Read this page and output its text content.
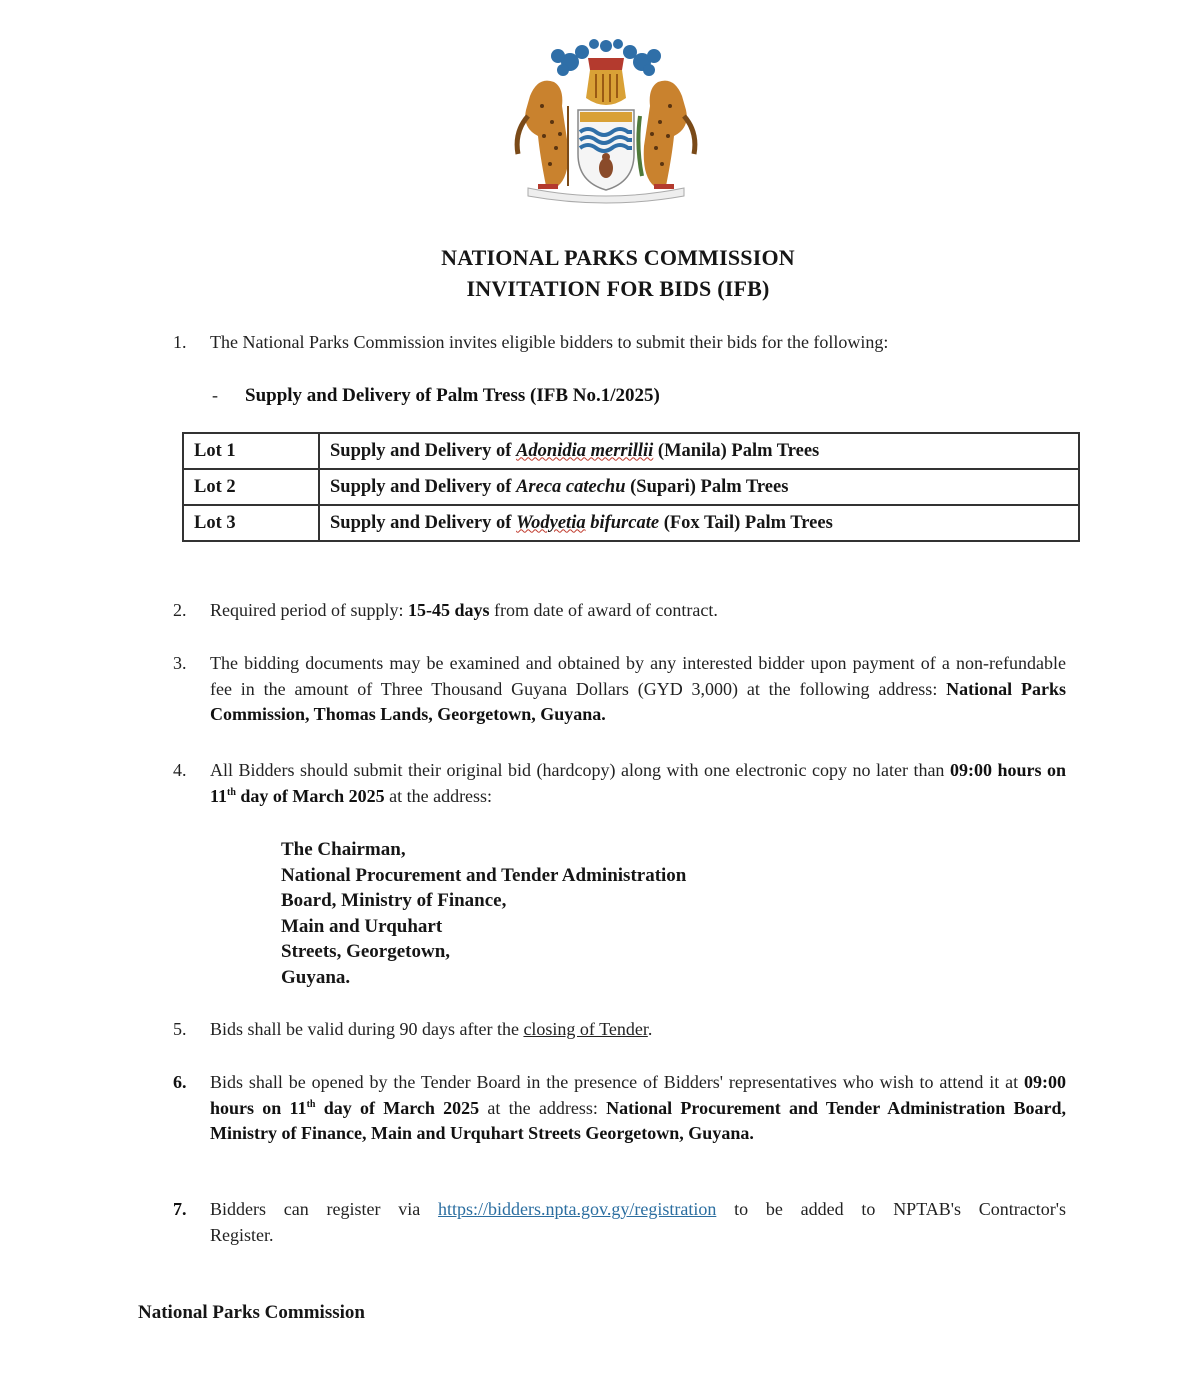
NATIONAL PARKS COMMISSION
INVITATION FOR BIDS (IFB)
1. The National Parks Commission invites eligible bidders to submit their bids for the following:
- Supply and Delivery of Palm Tress (IFB No.1/2025)
Lot 1	Supply and Delivery of Adonidia merrillii (Manila) Palm Trees
Lot 2	Supply and Delivery of Areca catechu (Supari) Palm Trees
Lot 3	Supply and Delivery of Wodyetia bifurcate (Fox Tail) Palm Trees
2. Required period of supply: 15-45 days from date of award of contract.
3. The bidding documents may be examined and obtained by any interested bidder upon payment of a non-refundable fee in the amount of Three Thousand Guyana Dollars (GYD 3,000) at the following address: National Parks Commission, Thomas Lands, Georgetown, Guyana.
4. All Bidders should submit their original bid (hardcopy) along with one electronic copy no later than 09:00 hours on 11th day of March 2025 at the address:
The Chairman,
National Procurement and Tender Administration
Board, Ministry of Finance,
Main and Urquhart
Streets, Georgetown,
Guyana.
5. Bids shall be valid during 90 days after the closing of Tender.
6. Bids shall be opened by the Tender Board in the presence of Bidders' representatives who wish to attend it at 09:00 hours on 11th day of March 2025 at the address: National Procurement and Tender Administration Board, Ministry of Finance, Main and Urquhart Streets Georgetown, Guyana.
7. Bidders can register via https://bidders.npta.gov.gy/registration to be added to NPTAB's Contractor's Register.
National Parks Commission
